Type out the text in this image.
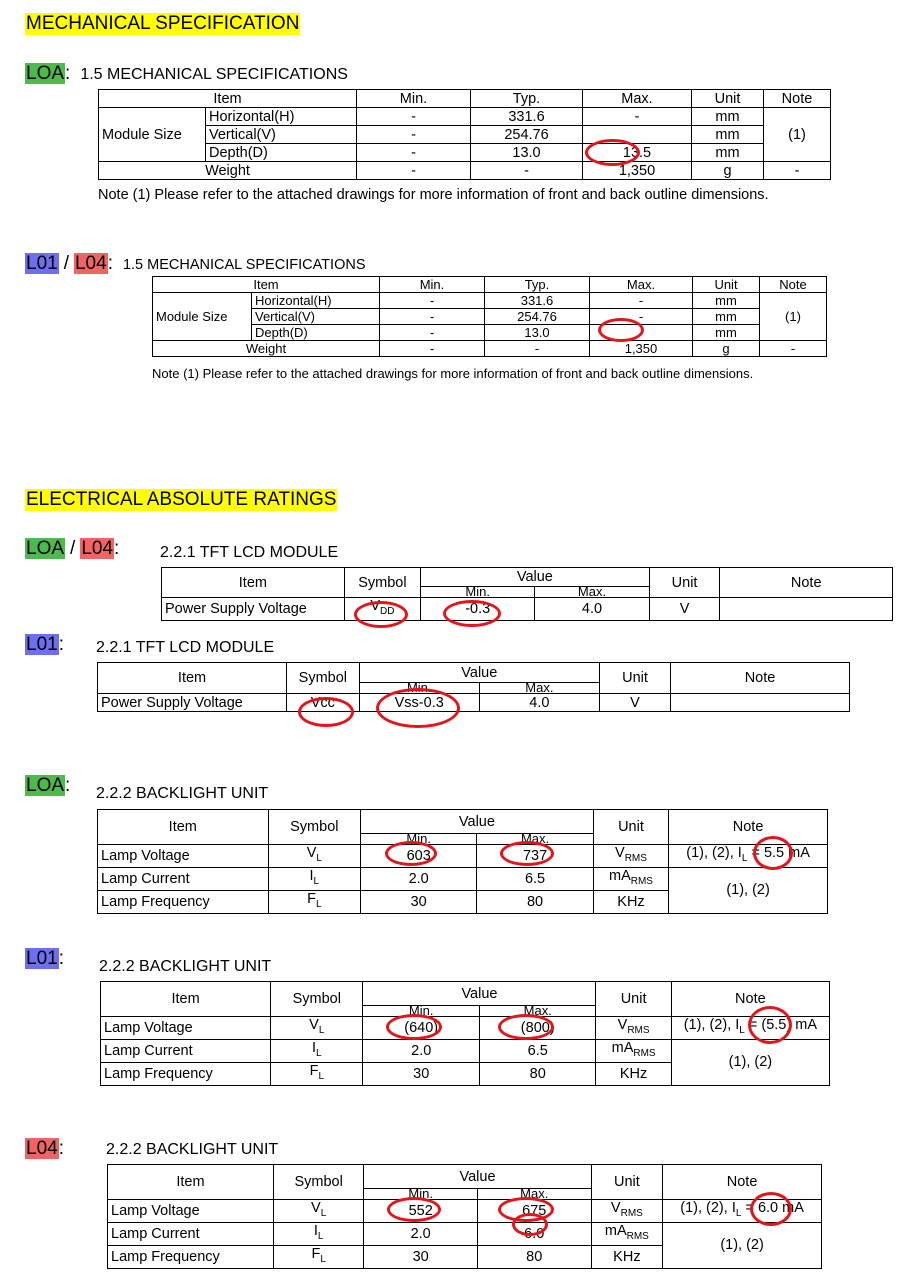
MECHANICAL SPECIFICATION
LOA: 1.5 MECHANICAL SPECIFICATIONS
Item		Min.	Typ.	Max.	Unit	Note
Module Size	Horizontal(H)	-	331.6	-	mm	(1)
	Vertical(V)	-	254.76		mm	
	Depth(D)	-	13.0	13.5	mm	
Weight		-	-	1,350	g	-
Note (1) Please refer to the attached drawings for more information of front and back outline dimensions.
L01 / L04: 1.5 MECHANICAL SPECIFICATIONS
Item		Min.	Typ.	Max.	Unit	Note
Module Size	Horizontal(H)	-	331.6	-	mm	(1)
	Vertical(V)	-	254.76	-	mm	
	Depth(D)	-	13.0	-	mm	
Weight		-	-	1,350	g	-
Note (1) Please refer to the attached drawings for more information of front and back outline dimensions.
ELECTRICAL ABSOLUTE RATINGS
LOA / L04:	2.2.1 TFT LCD MODULE
Item	Symbol	Value		Unit	Note
		Min.	Max.		
Power Supply Voltage	$V_{DD}$	-0.3	4.0	V	
L01: 2.2.1 TFT LCD MODULE
Item	Symbol	Value		Unit	Note
		Min.	Max.		
Power Supply Voltage	Vcc	Vss-0.3	4.0	V	
LOA: 2.2.2 BACKLIGHT UNIT
Item	Symbol	Value		Unit	Note
		Min.	Max.		
Lamp Voltage	$V_L$	603	737	$V_{RMS}$	(1), (2), $I_L = 5.5$ mA
Lamp Current	$I_L$	2.0	6.5	$mA_{RMS}$	(1), (2)
Lamp Frequency	$F_L$	30	80	KHz	
L01: 2.2.2 BACKLIGHT UNIT
Item	Symbol	Value		Unit	Note
		Min.	Max.		
Lamp Voltage	$V_L$	(640)	(800)	$V_{RMS}$	(1), (2), $I_L = (5.5)$ mA
Lamp Current	$I_L$	2.0	6.5	$mA_{RMS}$	(1), (2)
Lamp Frequency	$F_L$	30	80	KHz	
L04:	2.2.2 BACKLIGHT UNIT
Item	Symbol	Value		Unit	Note
		Min.	Max.		
Lamp Voltage	$V_L$	552	675	$V_{RMS}$	(1), (2), $I_L = 6.0$ mA
Lamp Current	$I_L$	2.0	6.0	$mA_{RMS}$	(1), (2)
Lamp Frequency	$F_L$	30	80	KHz	
